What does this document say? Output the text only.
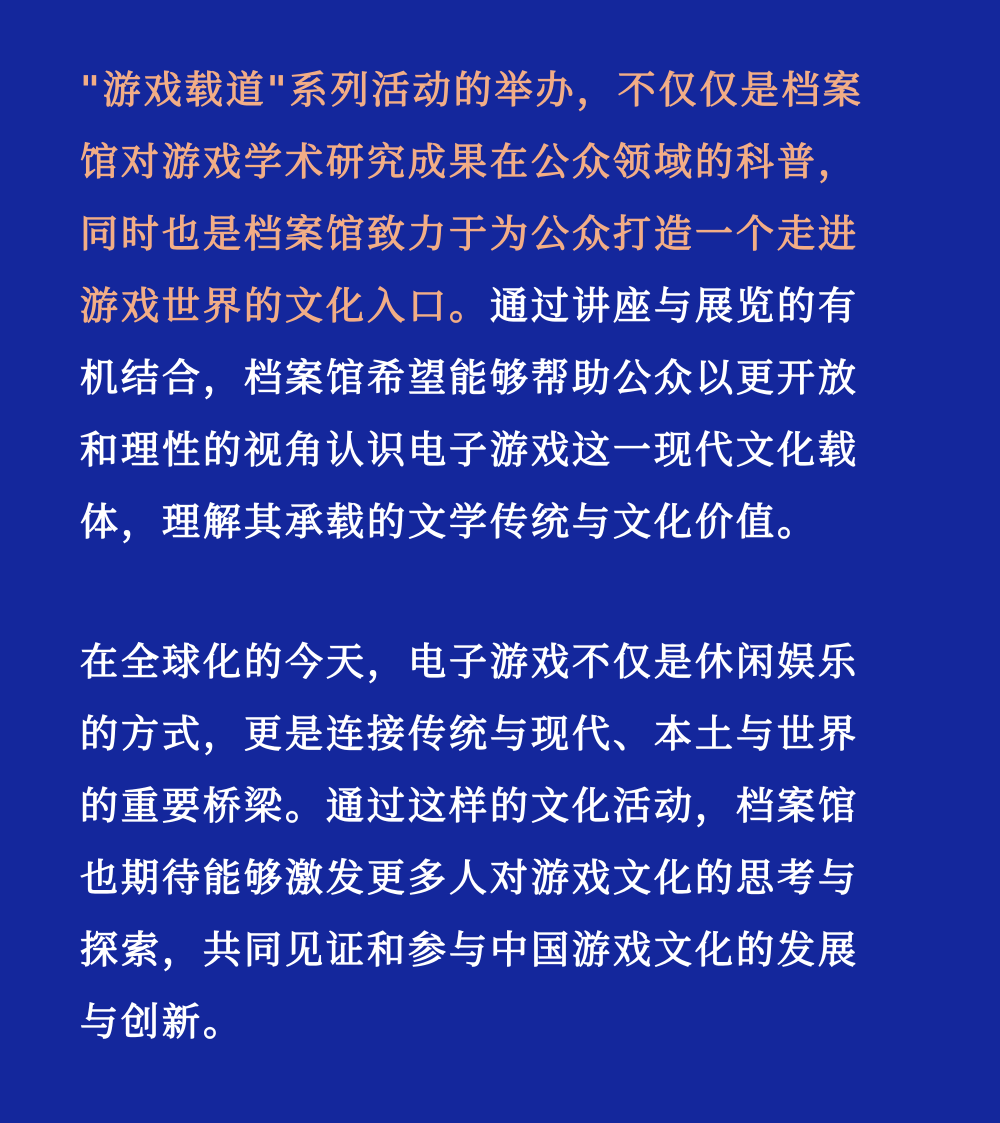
"游戏载道"系列活动的举办，不仅仅是档案
馆对游戏学术研究成果在公众领域的科普，
同时也是档案馆致力于为公众打造一个走进
游戏世界的文化入口。通过讲座与展览的有
机结合，档案馆希望能够帮助公众以更开放
和理性的视角认识电子游戏这一现代文化载
体，理解其承载的文学传统与文化价值。

在全球化的今天，电子游戏不仅是休闲娱乐
的方式，更是连接传统与现代、本土与世界
的重要桥梁。通过这样的文化活动，档案馆
也期待能够激发更多人对游戏文化的思考与
探索，共同见证和参与中国游戏文化的发展
与创新。
